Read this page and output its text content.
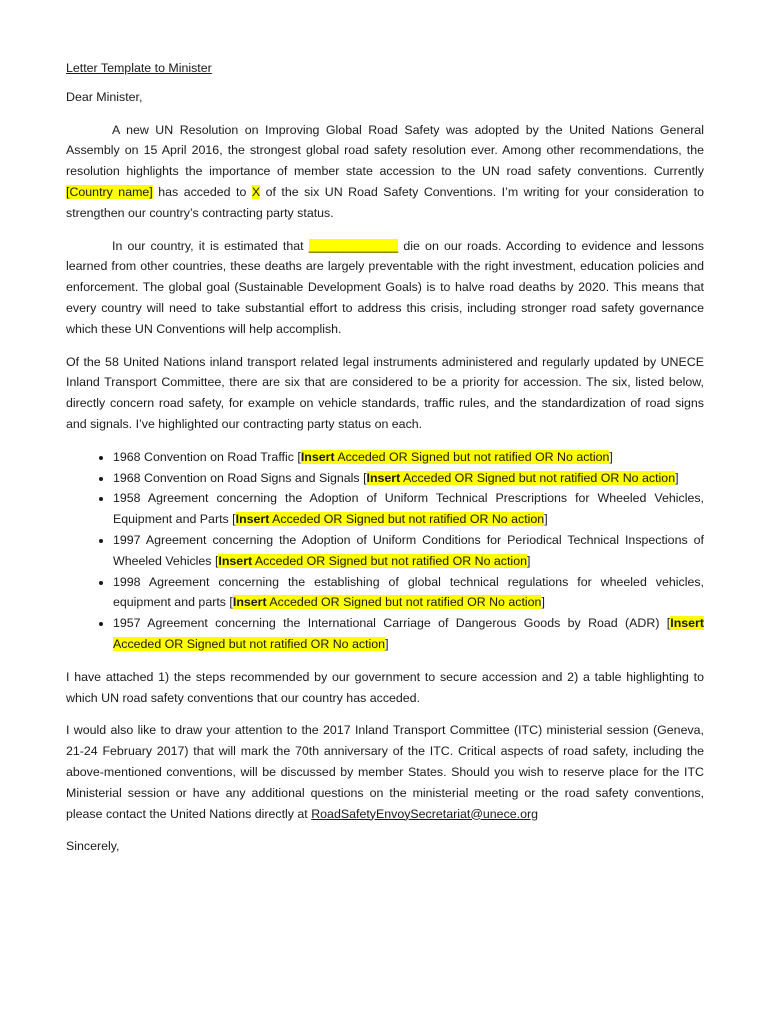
Letter Template to Minister

Dear Minister,

A new UN Resolution on Improving Global Road Safety was adopted by the United Nations General Assembly on 15 April 2016, the strongest global road safety resolution ever. Among other recommendations, the resolution highlights the importance of member state accession to the UN road safety conventions. Currently [Country name] has acceded to X of the six UN Road Safety Conventions. I’m writing for your consideration to strengthen our country’s contracting party status.

In our country, it is estimated that _____________ die on our roads. According to evidence and lessons learned from other countries, these deaths are largely preventable with the right investment, education policies and enforcement. The global goal (Sustainable Development Goals) is to halve road deaths by 2020. This means that every country will need to take substantial effort to address this crisis, including stronger road safety governance which these UN Conventions will help accomplish.

Of the 58 United Nations inland transport related legal instruments administered and regularly updated by UNECE Inland Transport Committee, there are six that are considered to be a priority for accession. The six, listed below, directly concern road safety, for example on vehicle standards, traffic rules, and the standardization of road signs and signals. I’ve highlighted our contracting party status on each.

• 1968 Convention on Road Traffic [Insert Acceded OR Signed but not ratified OR No action]
• 1968 Convention on Road Signs and Signals [Insert Acceded OR Signed but not ratified OR No action]
• 1958 Agreement concerning the Adoption of Uniform Technical Prescriptions for Wheeled Vehicles, Equipment and Parts [Insert Acceded OR Signed but not ratified OR No action]
• 1997 Agreement concerning the Adoption of Uniform Conditions for Periodical Technical Inspections of Wheeled Vehicles [Insert Acceded OR Signed but not ratified OR No action]
• 1998 Agreement concerning the establishing of global technical regulations for wheeled vehicles, equipment and parts [Insert Acceded OR Signed but not ratified OR No action]
• 1957 Agreement concerning the International Carriage of Dangerous Goods by Road (ADR) [Insert Acceded OR Signed but not ratified OR No action]

I have attached 1) the steps recommended by our government to secure accession and 2) a table highlighting to which UN road safety conventions that our country has acceded.

I would also like to draw your attention to the 2017 Inland Transport Committee (ITC) ministerial session (Geneva, 21-24 February 2017) that will mark the 70th anniversary of the ITC. Critical aspects of road safety, including the above-mentioned conventions, will be discussed by member States. Should you wish to reserve place for the ITC Ministerial session or have any additional questions on the ministerial meeting or the road safety conventions, please contact the United Nations directly at RoadSafetyEnvoySecretariat@unece.org

Sincerely,
